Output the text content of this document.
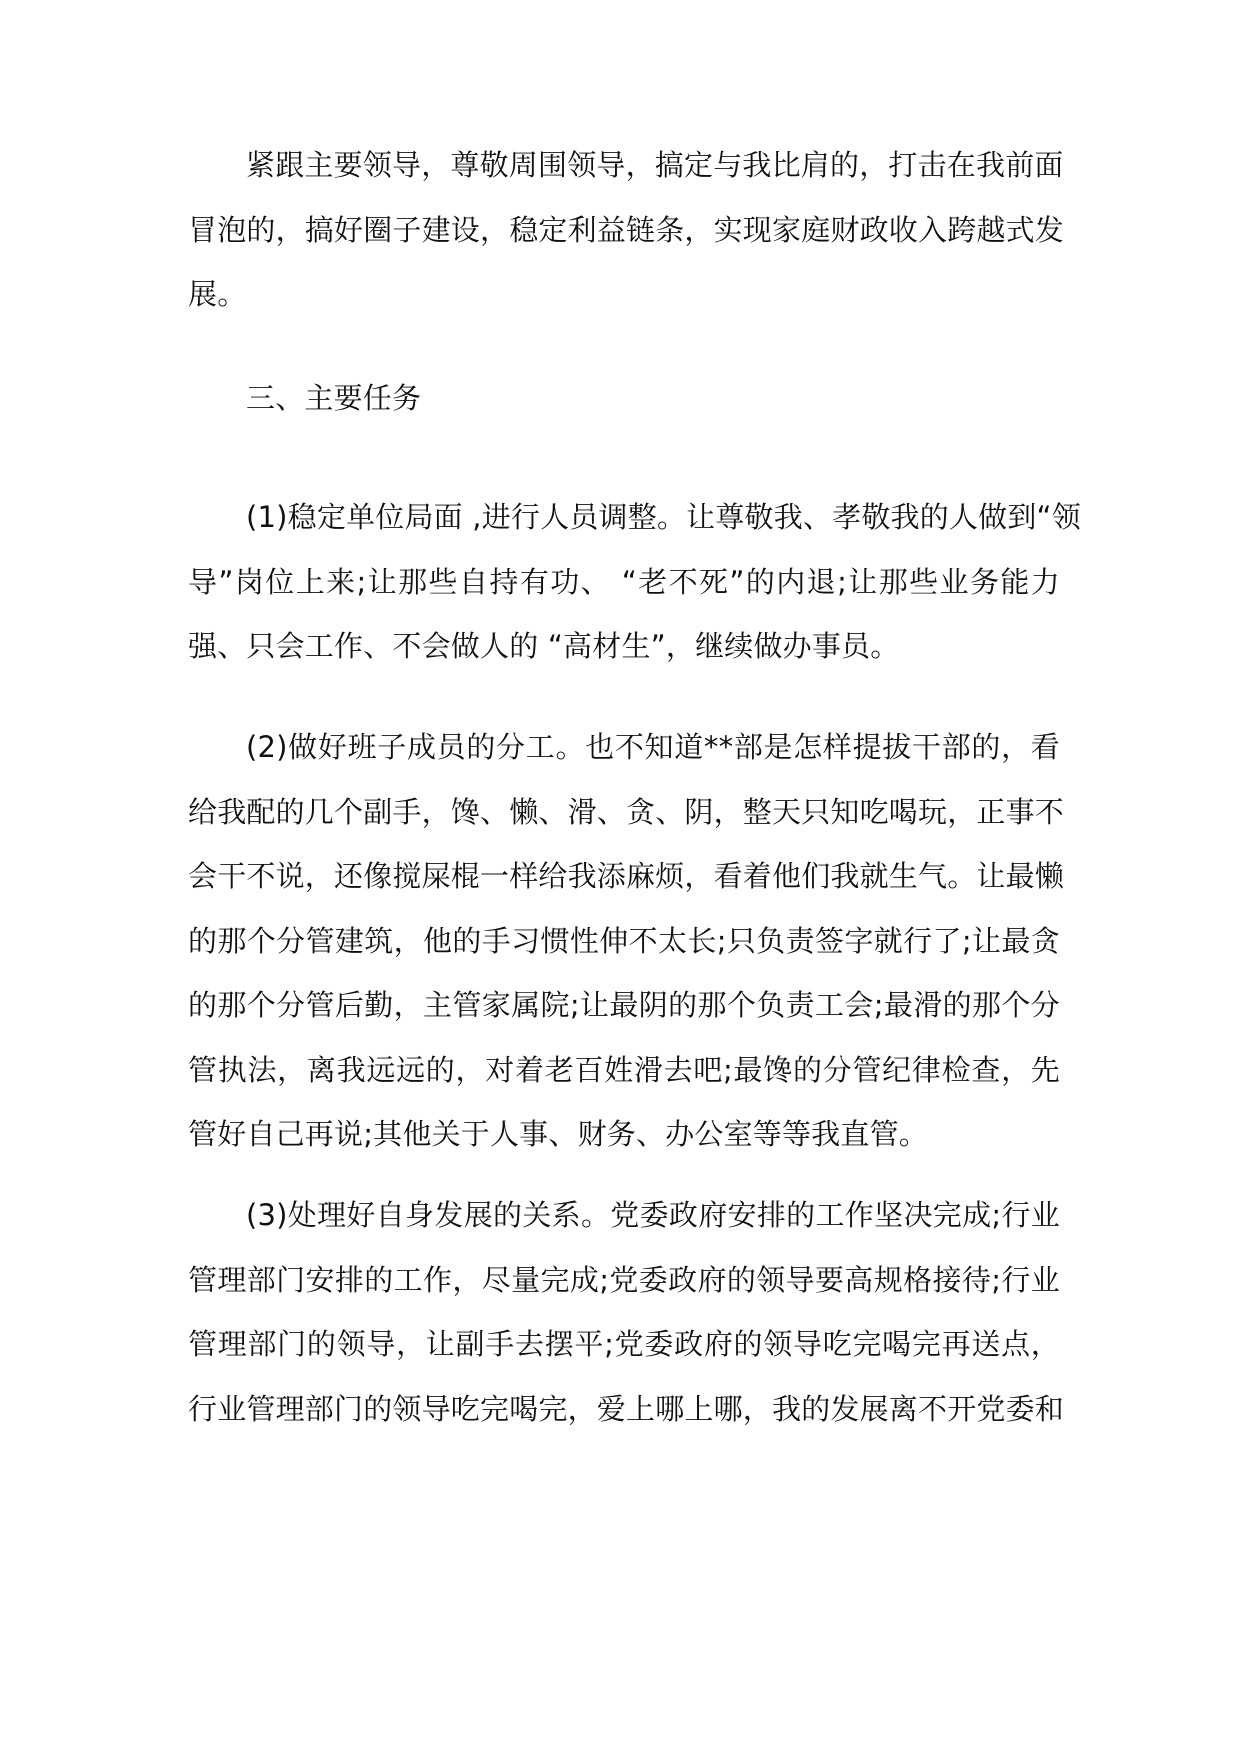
紧跟主要领导，尊敬周围领导，搞定与我比肩的，打击在我前面
冒泡的，搞好圈子建设，稳定利益链条，实现家庭财政收入跨越式发
展。
三、主要任务
(1)稳定单位局面 ,进行人员调整。让尊敬我、孝敬我的人做到“领
导”岗位上来;让那些自持有功、 “老不死”的内退;让那些业务能力
强、只会工作、不会做人的 “高材生”，继续做办事员。
(2)做好班子成员的分工。也不知道**部是怎样提拔干部的，看
给我配的几个副手，馋、懒、滑、贪、阴，整天只知吃喝玩，正事不
会干不说，还像搅屎棍一样给我添麻烦，看着他们我就生气。让最懒
的那个分管建筑，他的手习惯性伸不太长;只负责签字就行了;让最贪
的那个分管后勤，主管家属院;让最阴的那个负责工会;最滑的那个分
管执法，离我远远的，对着老百姓滑去吧;最馋的分管纪律检查，先
管好自己再说;其他关于人事、财务、办公室等等我直管。
(3)处理好自身发展的关系。党委政府安排的工作坚决完成;行业
管理部门安排的工作，尽量完成;党委政府的领导要高规格接待;行业
管理部门的领导，让副手去摆平;党委政府的领导吃完喝完再送点，
行业管理部门的领导吃完喝完，爱上哪上哪，我的发展离不开党委和
